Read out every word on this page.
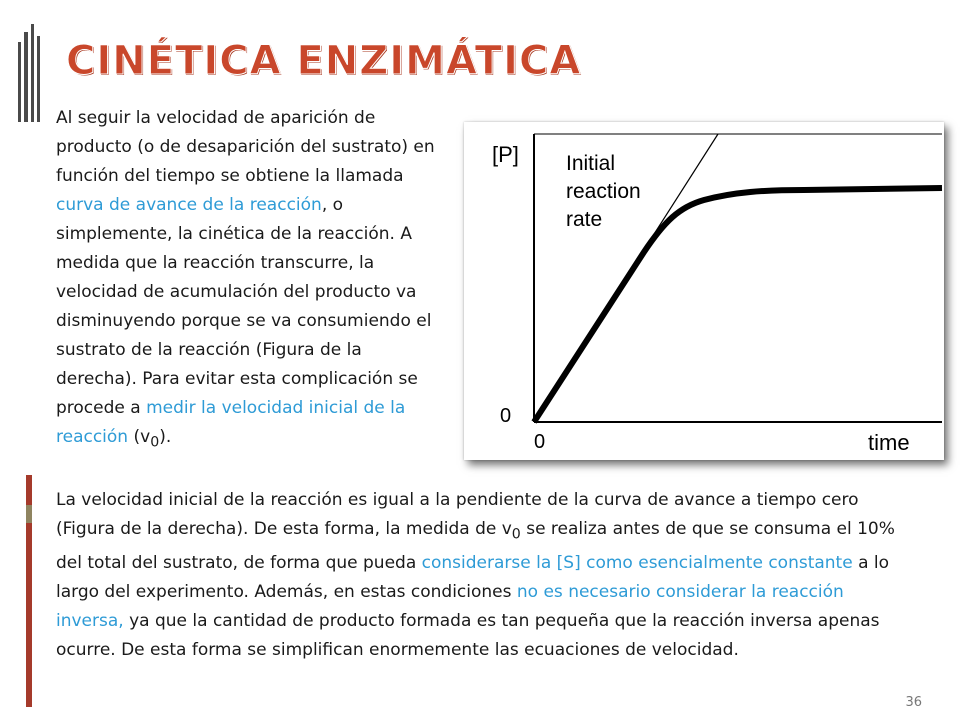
CINÉTICA ENZIMÁTICA

Al seguir la velocidad de aparición de producto (o de desaparición del sustrato) en función del tiempo se obtiene la llamada curva de avance de la reacción, o simplemente, la cinética de la reacción. A medida que la reacción transcurre, la velocidad de acumulación del producto va disminuyendo porque se va consumiendo el sustrato de la reacción (Figura de la derecha). Para evitar esta complicación se procede a medir la velocidad inicial de la reacción $(v_0)$.

[P]
0
0	time
Initial
reaction
rate

La velocidad inicial de la reacción es igual a la pendiente de la curva de avance a tiempo cero (Figura de la derecha). De esta forma, la medida de $v_0$ se realiza antes de que se consuma el 10% del total del sustrato, de forma que pueda considerarse la [S] como esencialmente constante a lo largo del experimento. Además, en estas condiciones no es necesario considerar la reacción inversa, ya que la cantidad de producto formada es tan pequeña que la reacción inversa apenas ocurre. De esta forma se simplifican enormemente las ecuaciones de velocidad.

36
